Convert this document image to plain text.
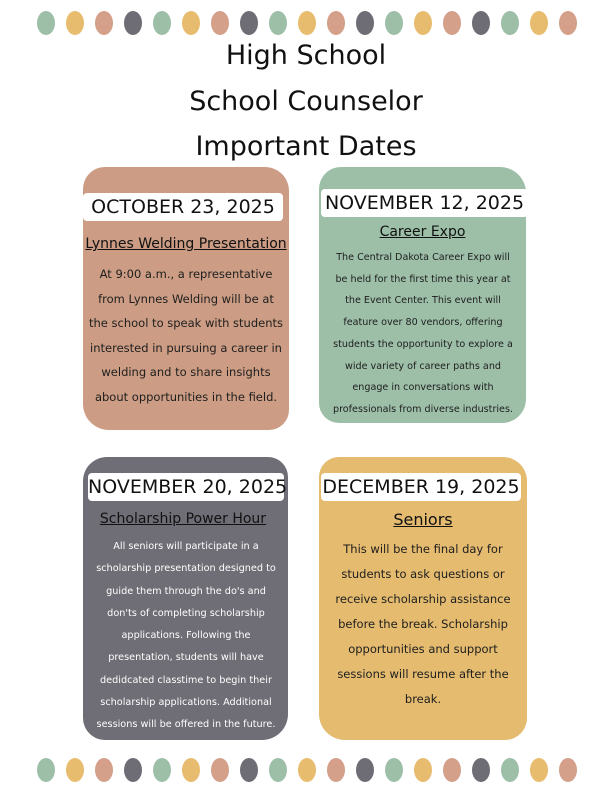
High School
School Counselor
Important Dates
OCTOBER 23, 2025
Lynnes Welding Presentation
At 9:00 a.m., a representative
from Lynnes Welding will be at
the school to speak with students
interested in pursuing a career in
welding and to share insights
about opportunities in the field.
NOVEMBER 12, 2025
Career Expo
The Central Dakota Career Expo will
be held for the first time this year at
the Event Center. This event will
feature over 80 vendors, offering
students the opportunity to explore a
wide variety of career paths and
engage in conversations with
professionals from diverse industries.
NOVEMBER 20, 2025
Scholarship Power Hour
All seniors will participate in a
scholarship presentation designed to
guide them through the do's and
don'ts of completing scholarship
applications. Following the
presentation, students will have
dedidcated classtime to begin their
scholarship applications. Additional
sessions will be offered in the future.
DECEMBER 19, 2025
Seniors
This will be the final day for
students to ask questions or
receive scholarship assistance
before the break. Scholarship
opportunities and support
sessions will resume after the
break.
